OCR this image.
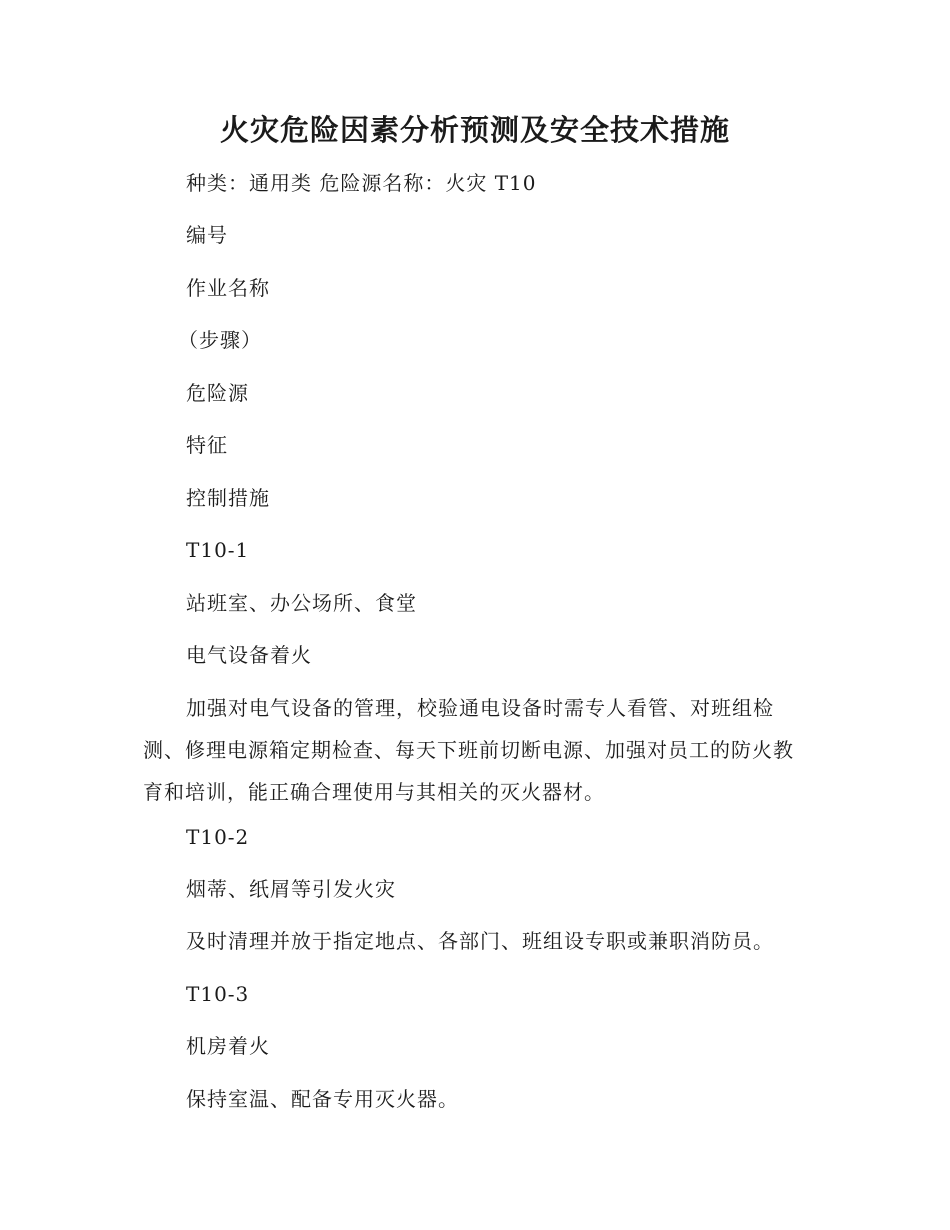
火灾危险因素分析预测及安全技术措施

种类：通用类 危险源名称：火灾 T10

编号

作业名称

（步骤）

危险源

特征

控制措施

T10-1

站班室、办公场所、食堂

电气设备着火

加强对电气设备的管理，校验通电设备时需专人看管、对班组检测、修理电源箱定期检查、每天下班前切断电源、加强对员工的防火教育和培训，能正确合理使用与其相关的灭火器材。

T10-2

烟蒂、纸屑等引发火灾

及时清理并放于指定地点、各部门、班组设专职或兼职消防员。

T10-3

机房着火

保持室温、配备专用灭火器。
